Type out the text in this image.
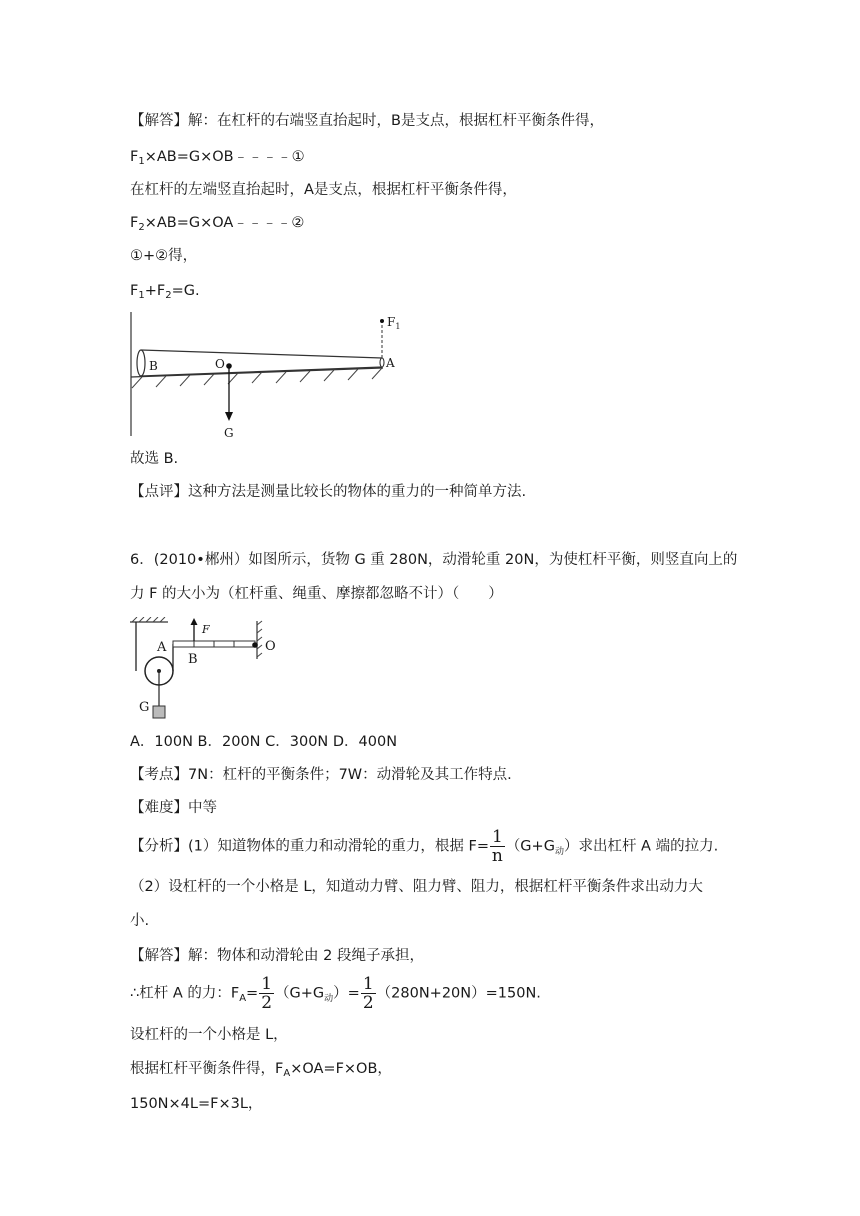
【解答】解：在杠杆的右端竖直抬起时，B是支点，根据杠杆平衡条件得，
$F_1\times AB=G\times OB﹣﹣﹣﹣①$
在杠杆的左端竖直抬起时，A是支点，根据杠杆平衡条件得，
$F_2\times AB=G\times OA﹣﹣﹣﹣②$
①+②得，
$F_1+F_2=G$.
B	O	A
$F_1$
G
故选 B.
【点评】这种方法是测量比较长的物体的重力的一种简单方法.
6．(2010•郴州）如图所示，货物 G 重 280N，动滑轮重 20N，为使杠杆平衡，则竖直向上的
力 F 的大小为（杠杆重、绳重、摩擦都忽略不计）（　　）
F
O
A
B
G
A．100N B．200N C．300N D．400N
【考点】7N：杠杆的平衡条件；7W：动滑轮及其工作特点.
【难度】中等
【分析】(1）知道物体的重力和动滑轮的重力，根据 $F= \frac{1}{n} (G+G_动)$求出杠杆 A 端的拉力.
（2）设杠杆的一个小格是 L，知道动力臂、阻力臂、阻力，根据杠杆平衡条件求出动力大
小.
【解答】解：物体和动滑轮由 2 段绳子承担，
∴杠杆 A 的力：$F_A= \frac{1}{2} (G+G_动)= \frac{1}{2} (280N+20N)=150N$.
设杠杆的一个小格是 L，
根据杠杆平衡条件得，$F_A\times OA=F\times OB$，
150N×4L=F×3L，
